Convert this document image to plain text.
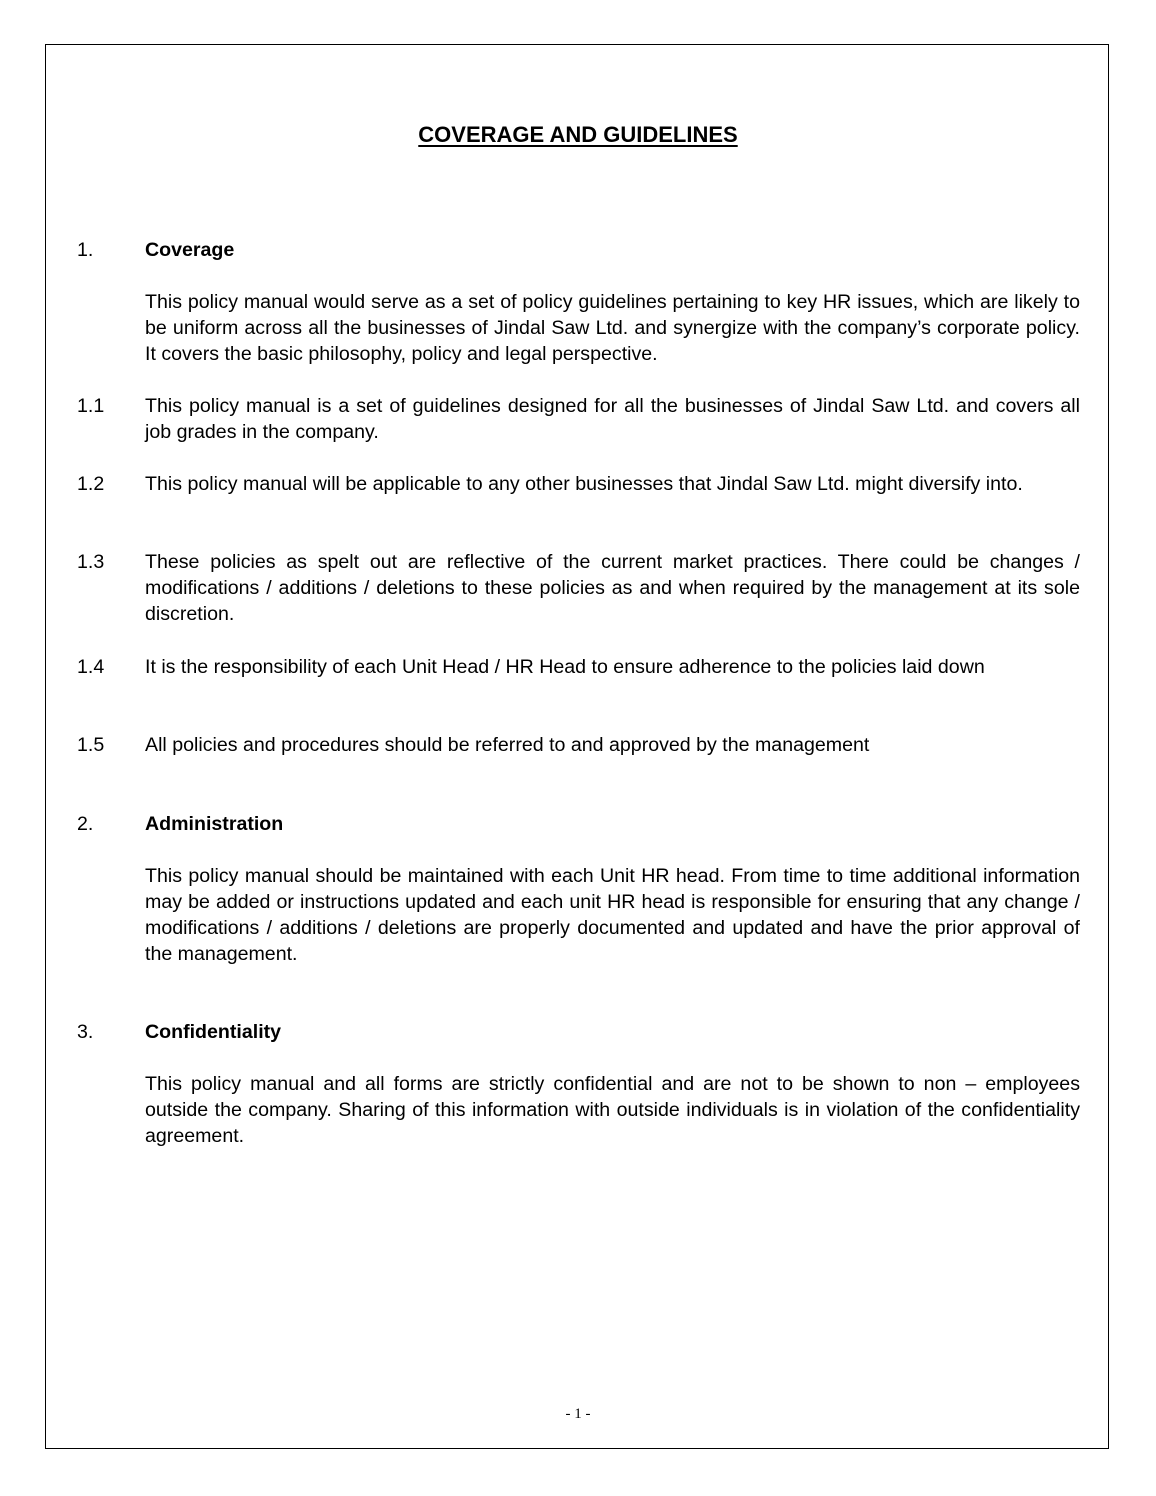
COVERAGE AND GUIDELINES
1.	Coverage
This policy manual would serve as a set of policy guidelines pertaining to key HR issues, which are likely to be uniform across all the businesses of Jindal Saw Ltd. and synergize with the company’s corporate policy. It covers the basic philosophy, policy and legal perspective.
1.1	This policy manual is a set of guidelines designed for all the businesses of Jindal Saw Ltd. and covers all job grades in the company.
1.2	This policy manual will be applicable to any other businesses that Jindal Saw Ltd. might diversify into.
1.3	These policies as spelt out are reflective of the current market practices. There could be changes / modifications / additions / deletions to these policies as and when required by the management at its sole discretion.
1.4	It is the responsibility of each Unit Head / HR Head to ensure adherence to the policies laid down
1.5	All policies and procedures should be referred to and approved by the management
2.	Administration
This policy manual should be maintained with each Unit HR head. From time to time additional information may be added or instructions updated and each unit HR head is responsible for ensuring that any change / modifications / additions / deletions are properly documented and updated and have the prior approval of the management.
3.	Confidentiality
This policy manual and all forms are strictly confidential and are not to be shown to non – employees outside the company. Sharing of this information with outside individuals is in violation of the confidentiality agreement.
- 1 -
